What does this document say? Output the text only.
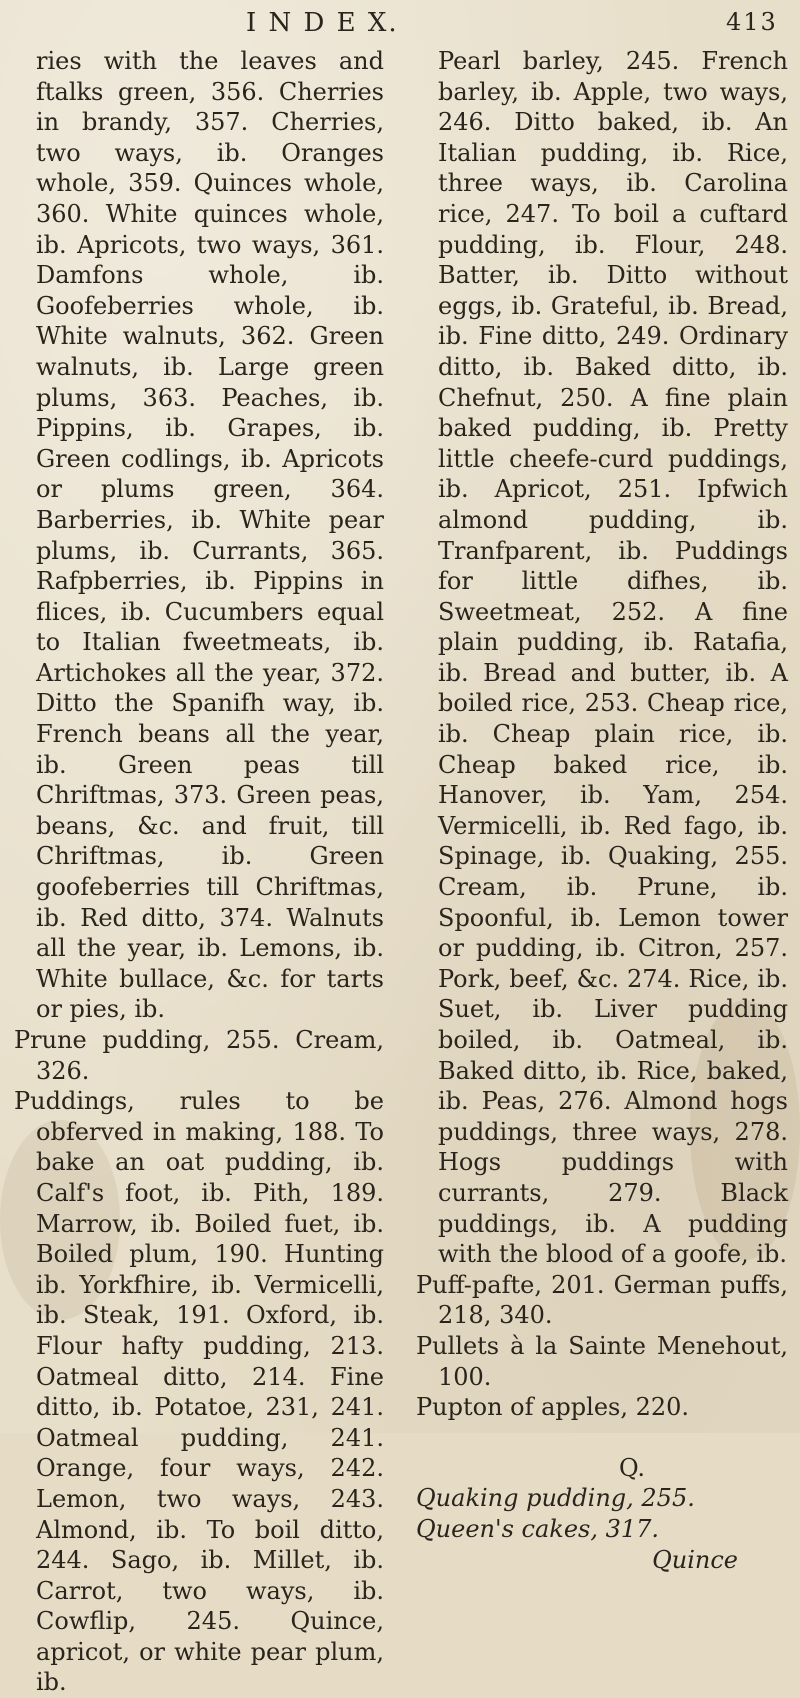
I N D E X.	413

ries with the leaves and ftalks green, 356. Cherries in brandy, 357. Cherries, two ways, ib. Oranges whole, 359. Quinces whole, 360. White quinces whole, ib. Apricots, two ways, 361. Damfons whole, ib. Goofeberries whole, ib. White walnuts, 362. Green walnuts, ib. Large green plums, 363. Peaches, ib. Pippins, ib. Grapes, ib. Green codlings, ib. Apricots or plums green, 364. Barberries, ib. White pear plums, ib. Currants, 365. Rafpberries, ib. Pippins in flices, ib. Cucumbers equal to Italian fweetmeats, ib. Artichokes all the year, 372. Ditto the Spanifh way, ib. French beans all the year, ib. Green peas till Chriftmas, 373. Green peas, beans, &c. and fruit, till Chriftmas, ib. Green goofeberries till Chriftmas, ib. Red ditto, 374. Walnuts all the year, ib. Lemons, ib. White bullace, &c. for tarts or pies, ib.

Prune pudding, 255. Cream, 326.

Puddings, rules to be obferved in making, 188. To bake an oat pudding, ib. Calf's foot, ib. Pith, 189. Marrow, ib. Boiled fuet, ib. Boiled plum, 190. Hunting ib. Yorkfhire, ib. Vermicelli, ib. Steak, 191. Oxford, ib. Flour hafty pudding, 213. Oatmeal ditto, 214. Fine ditto, ib. Potatoe, 231, 241. Oatmeal pudding, 241. Orange, four ways, 242. Lemon, two ways, 243. Almond, ib. To boil ditto, 244. Sago, ib. Millet, ib. Carrot, two ways, ib. Cowflip, 245. Quince, apricot, or white pear plum, ib.

Pearl barley, 245. French barley, ib. Apple, two ways, 246. Ditto baked, ib. An Italian pudding, ib. Rice, three ways, ib. Carolina rice, 247. To boil a cuftard pudding, ib. Flour, 248. Batter, ib. Ditto without eggs, ib. Grateful, ib. Bread, ib. Fine ditto, 249. Ordinary ditto, ib. Baked ditto, ib. Chefnut, 250. A fine plain baked pudding, ib. Pretty little cheefe-curd puddings, ib. Apricot, 251. Ipfwich almond pudding, ib. Tranfparent, ib. Puddings for little difhes, ib. Sweetmeat, 252. A fine plain pudding, ib. Ratafia, ib. Bread and butter, ib. A boiled rice, 253. Cheap rice, ib. Cheap plain rice, ib. Cheap baked rice, ib. Hanover, ib. Yam, 254. Vermicelli, ib. Red fago, ib. Spinage, ib. Quaking, 255. Cream, ib. Prune, ib. Spoonful, ib. Lemon tower or pudding, ib. Citron, 257. Pork, beef, &c. 274. Rice, ib. Suet, ib. Liver pudding boiled, ib. Oatmeal, ib. Baked ditto, ib. Rice, baked, ib. Peas, 276. Almond hogs puddings, three ways, 278. Hogs puddings with currants, 279. Black puddings, ib. A pudding with the blood of a goofe, ib.

Puff-pafte, 201. German puffs, 218, 340.

Pullets à la Sainte Menehout, 100.

Pupton of apples, 220.

Q.

Quaking pudding, 255.

Queen's cakes, 317.

Quince
